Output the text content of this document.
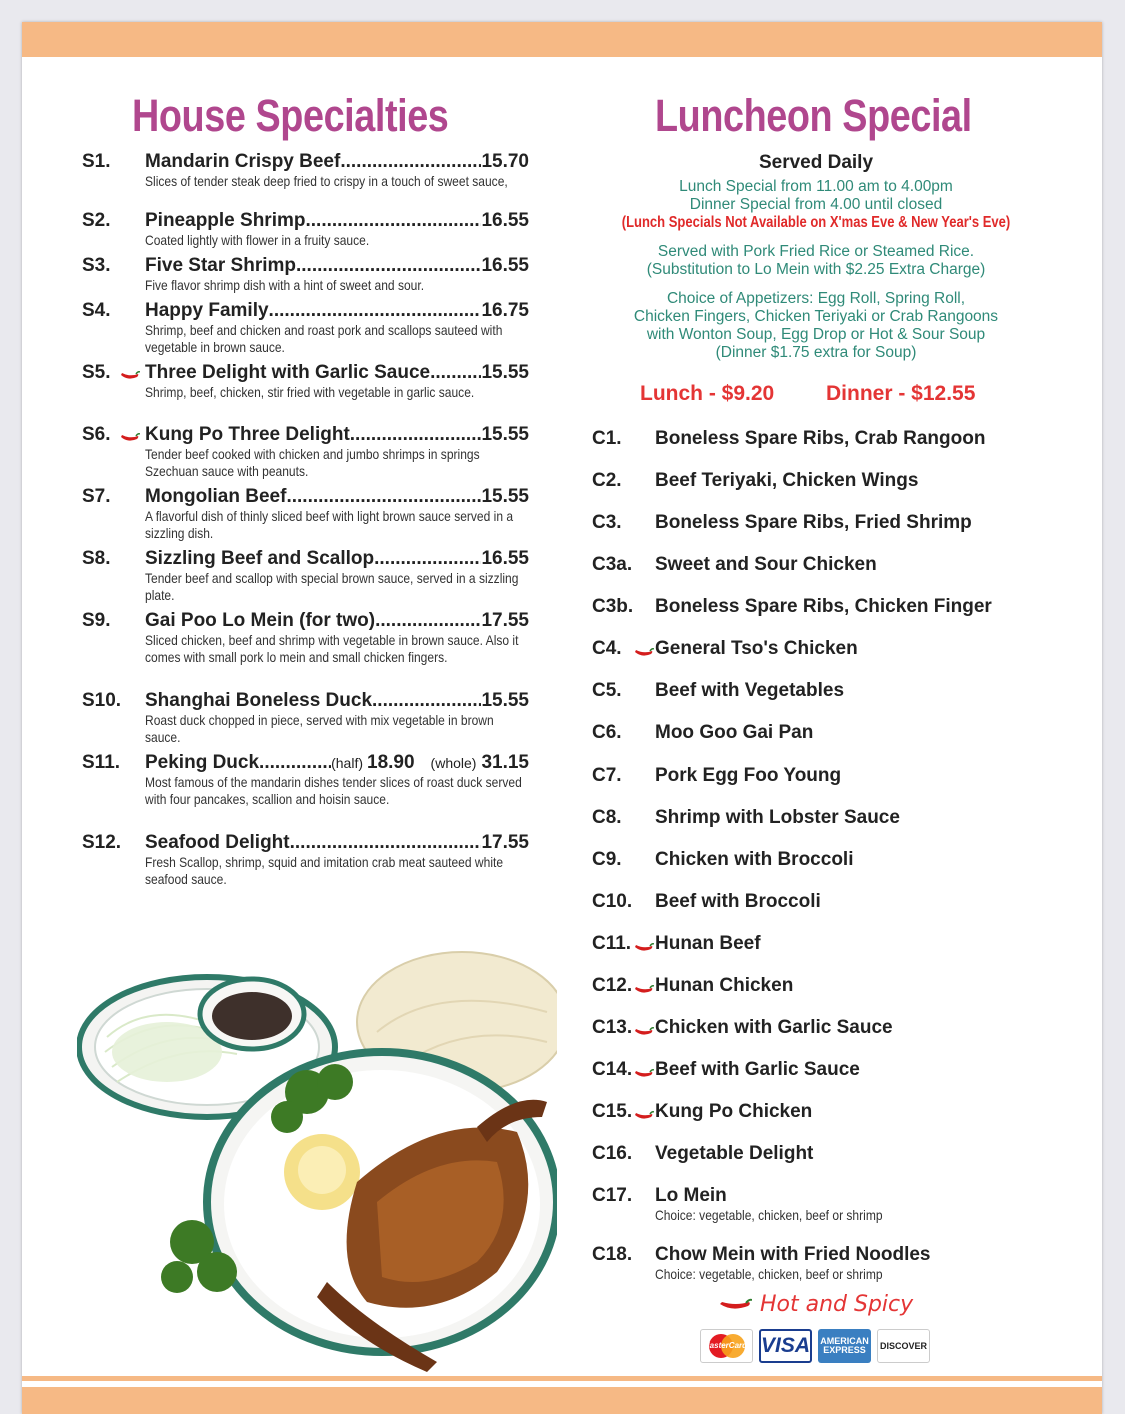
House Specialties
S1. Mandarin Crispy Beef .....	15.70
Slices of tender steak deep fried to crispy in a touch of sweet sauce,
S2. Pineapple Shrimp .....	16.55
Coated lightly with flower in a fruity sauce.
S3. Five Star Shrimp .....	16.55
Five flavor shrimp dish with a hint of sweet and sour.
S4. Happy Family .....	16.75
Shrimp, beef and chicken and roast pork and scallops sauteed with vegetable in brown sauce.
S5. Three Delight with Garlic Sauce .....	15.55
Shrimp, beef, chicken, stir fried with vegetable in garlic sauce.
S6. Kung Po Three Delight .....	15.55
Tender beef cooked with chicken and jumbo shrimps in springs Szechuan sauce with peanuts.
S7. Mongolian Beef .....	15.55
A flavorful dish of thinly sliced beef with light brown sauce served in a sizzling dish.
S8. Sizzling Beef and Scallop .....	16.55
Tender beef and scallop with special brown sauce, served in a sizzling plate.
S9. Gai Poo Lo Mein (for two) .....	17.55
Sliced chicken, beef and shrimp with vegetable in brown sauce. Also it comes with small pork lo mein and small chicken fingers.
S10. Shanghai Boneless Duck .....	15.55
Roast duck chopped in piece, served with mix vegetable in brown sauce.
S11. Peking Duck .....	(half) 18.90 (whole) 31.15
Most famous of the mandarin dishes tender slices of roast duck served with four pancakes, scallion and hoisin sauce.
S12. Seafood Delight .....	17.55
Fresh Scallop, shrimp, squid and imitation crab meat sauteed white seafood sauce.
Luncheon Special
Served Daily
Lunch Special from 11.00 am to 4.00pm
Dinner Special from 4.00 until closed
(Lunch Specials Not Available on X'mas Eve & New Year's Eve)
Served with Pork Fried Rice or Steamed Rice.
(Substitution to Lo Mein with $2.25 Extra Charge)
Choice of Appetizers: Egg Roll, Spring Roll,
Chicken Fingers, Chicken Teriyaki or Crab Rangoons
with Wonton Soup, Egg Drop or Hot & Sour Soup
(Dinner $1.75 extra for Soup)
Lunch - $9.20 Dinner - $12.55
C1. Boneless Spare Ribs, Crab Rangoon
C2. Beef Teriyaki, Chicken Wings
C3. Boneless Spare Ribs, Fried Shrimp
C3a. Sweet and Sour Chicken
C3b. Boneless Spare Ribs, Chicken Finger
C4. General Tso's Chicken
C5. Beef with Vegetables
C6. Moo Goo Gai Pan
C7. Pork Egg Foo Young
C8. Shrimp with Lobster Sauce
C9. Chicken with Broccoli
C10. Beef with Broccoli
C11. Hunan Beef
C12. Hunan Chicken
C13. Chicken with Garlic Sauce
C14. Beef with Garlic Sauce
C15. Kung Po Chicken
C16. Vegetable Delight
C17. Lo Mein
Choice: vegetable, chicken, beef or shrimp
C18. Chow Mein with Fried Noodles
Choice: vegetable, chicken, beef or shrimp
Hot and Spicy
MasterCard VISA AMERICAN
EXPRESS	DISCOVER
